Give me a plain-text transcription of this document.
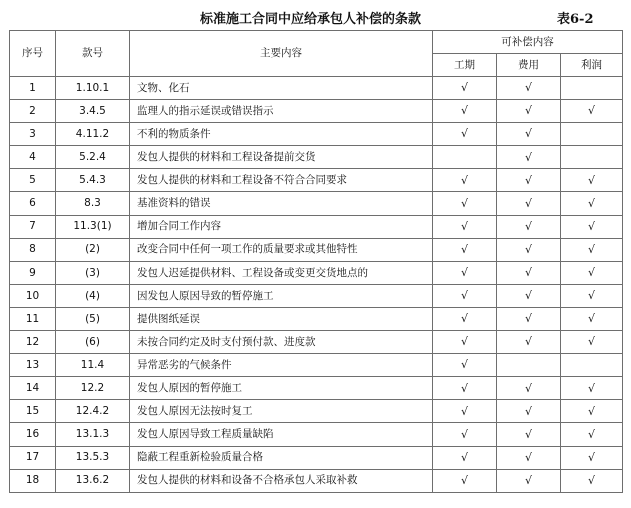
标准施工合同中应给承包人补偿的条款	表6-2
序号	款号	主要内容	可补偿内容		
			工期	费用	利润
1	1.10.1	文物、化石	√	√	
2	3.4.5	监理人的指示延误或错误指示	√	√	√
3	4.11.2	不利的物质条件	√	√	
4	5.2.4	发包人提供的材料和工程设备提前交货		√	
5	5.4.3	发包人提供的材料和工程设备不符合合同要求	√	√	√
6	8.3	基准资料的错误	√	√	√
7	11.3(1)	增加合同工作内容	√	√	√
8	(2)	改变合同中任何一项工作的质量要求或其他特性	√	√	√
9	(3)	发包人迟延提供材料、工程设备或变更交货地点的	√	√	√
10	(4)	因发包人原因导致的暂停施工	√	√	√
11	(5)	提供图纸延误	√	√	√
12	(6)	未按合同约定及时支付预付款、进度款	√	√	√
13	11.4	异常恶劣的气候条件	√		
14	12.2	发包人原因的暂停施工	√	√	√
15	12.4.2	发包人原因无法按时复工	√	√	√
16	13.1.3	发包人原因导致工程质量缺陷	√	√	√
17	13.5.3	隐蔽工程重新检验质量合格	√	√	√
18	13.6.2	发包人提供的材料和设备不合格承包人采取补救	√	√	√
